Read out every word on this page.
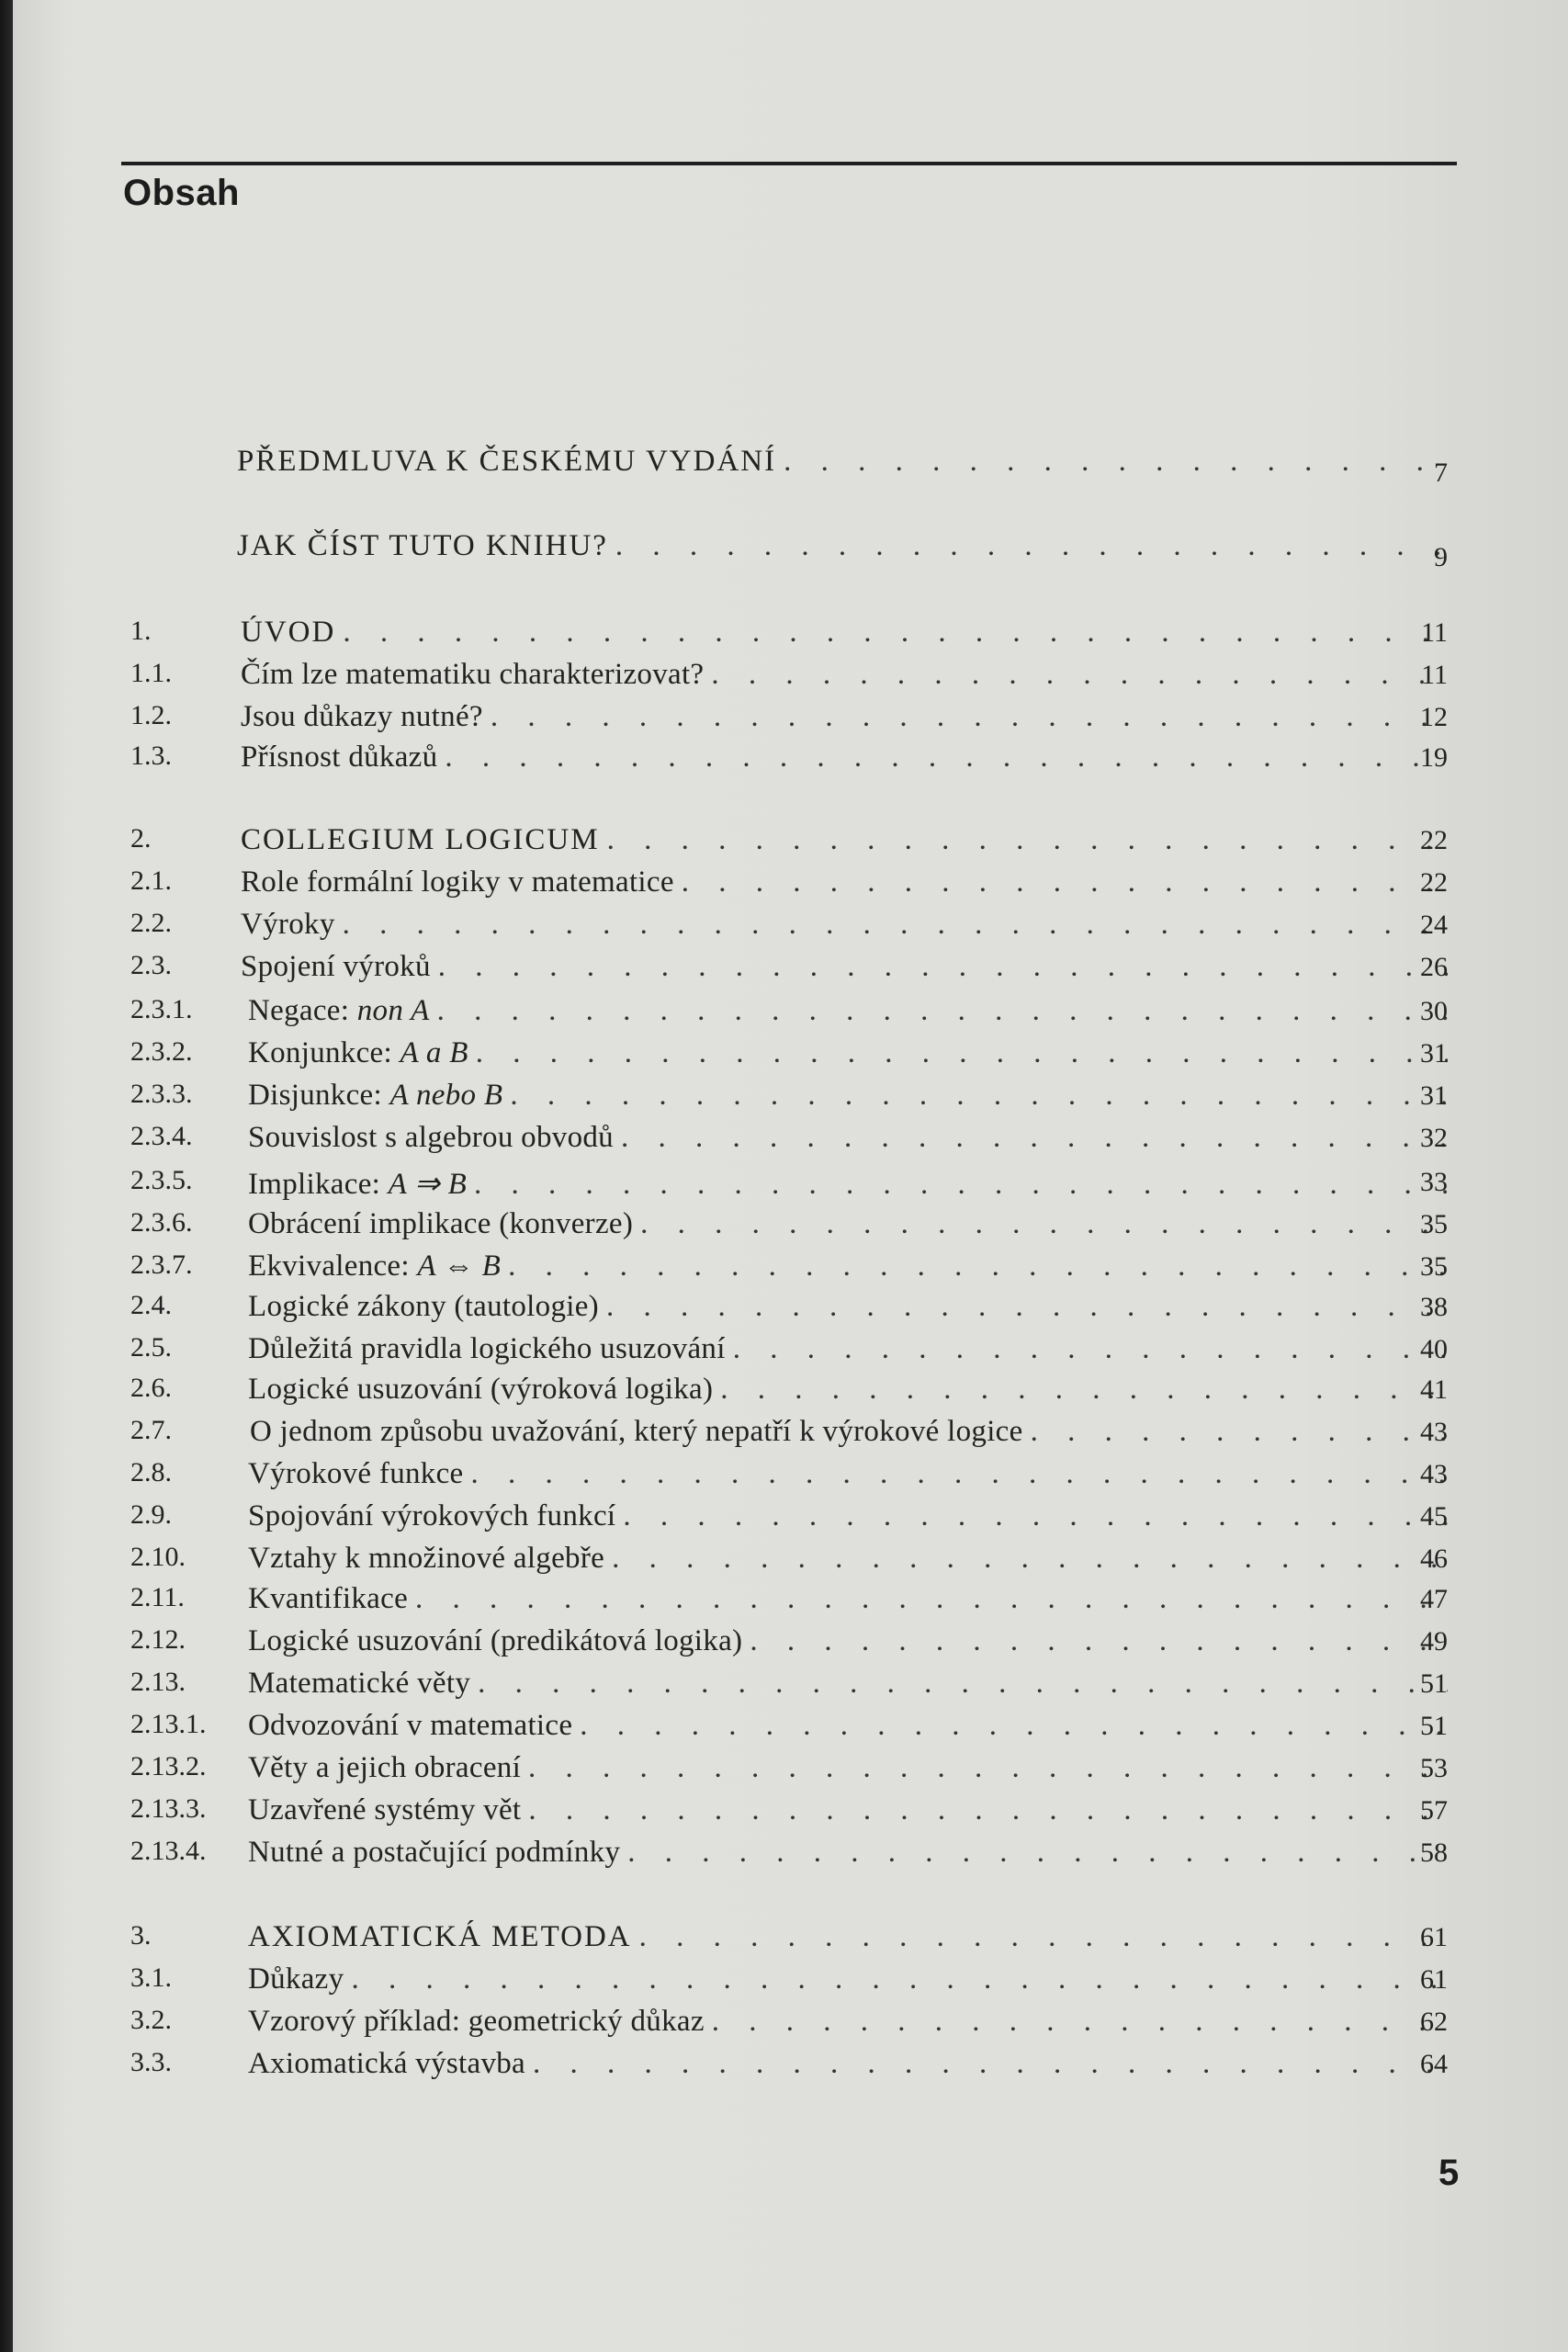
Obsah
PŘEDMLUVA K ČESKÉMU VYDÁNÍ . . .	7
JAK ČÍST TUTO KNIHU? . . .	9
1.	ÚVOD . . .	11
1.1.	Čím lze matematiku charakterizovat? . . .	11
1.2.	Jsou důkazy nutné? . . .	12
1.3.	Přísnost důkazů . . .	19
2.	COLLEGIUM LOGICUM . . .	22
2.1.	Role formální logiky v matematice . . .	22
2.2.	Výroky . . .	24
2.3.	Spojení výroků . . .	26
2.3.1.	Negace: non A . . .	30
2.3.2.	Konjunkce: A a B . . .	31
2.3.3.	Disjunkce: A nebo B . . .	31
2.3.4.	Souvislost s algebrou obvodů . . .	32
2.3.5.	Implikace: A ⇒ B . . .	33
2.3.6.	Obrácení implikace (konverze) . . .	35
2.3.7.	Ekvivalence: A ⇔ B . . .	35
2.4.	Logické zákony (tautologie) . . .	38
2.5.	Důležitá pravidla logického usuzování . . .	40
2.6.	Logické usuzování (výroková logika) . . .	41
2.7.	O jednom způsobu uvažování, který nepatří k výrokové logice . . .	43
2.8.	Výrokové funkce . . .	43
2.9.	Spojování výrokových funkcí . . .	45
2.10.	Vztahy k množinové algebře . . .	46
2.11.	Kvantifikace . . .	47
2.12.	Logické usuzování (predikátová logika) . . .	49
2.13.	Matematické věty . . .	51
2.13.1.	Odvozování v matematice . . .	51
2.13.2.	Věty a jejich obracení . . .	53
2.13.3.	Uzavřené systémy vět . . .	57
2.13.4.	Nutné a postačující podmínky . . .	58
3.	AXIOMATICKÁ METODA . . .	61
3.1.	Důkazy . . .	61
3.2.	Vzorový příklad: geometrický důkaz . . .	62
3.3.	Axiomatická výstavba . . .	64
5
